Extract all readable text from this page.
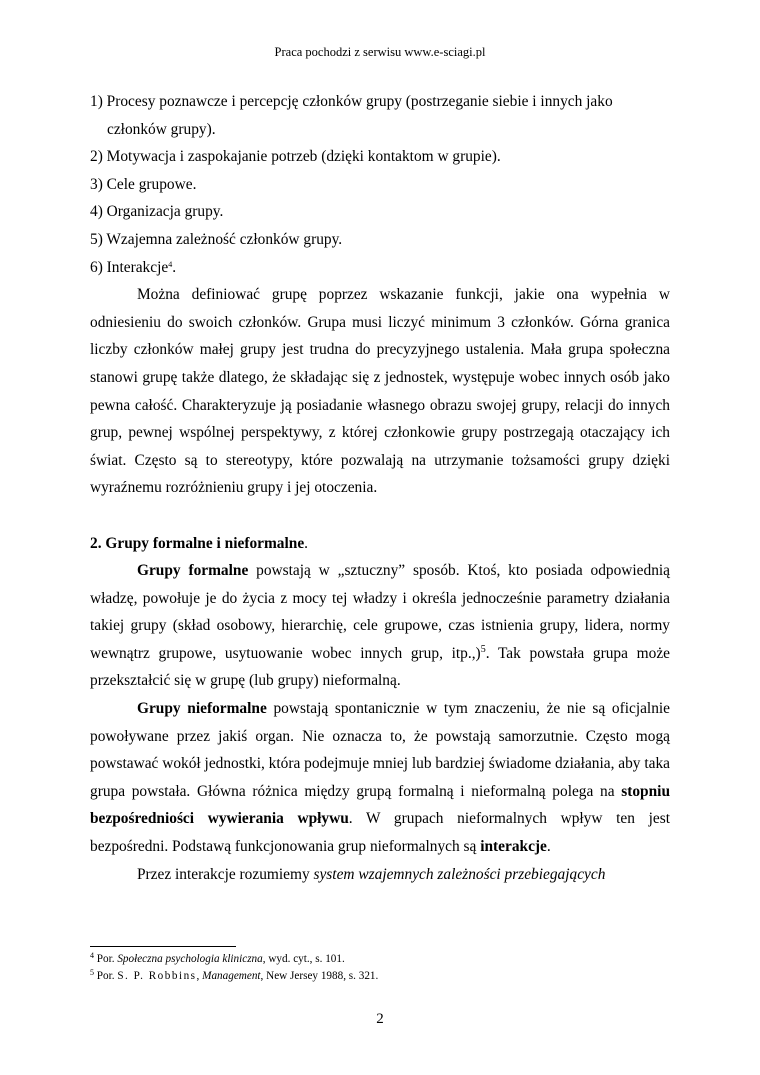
Praca pochodzi z serwisu www.e-sciagi.pl
1) Procesy poznawcze i percepcję członków grupy (postrzeganie siebie i innych jako członków grupy).
2) Motywacja i zaspokajanie potrzeb (dzięki kontaktom w grupie).
3) Cele grupowe.
4) Organizacja grupy.
5) Wzajemna zależność członków grupy.
6) Interakcje$^4$.

Można definiować grupę poprzez wskazanie funkcji, jakie ona wypełnia w odniesieniu do swoich członków. Grupa musi liczyć minimum 3 członków. Górna granica liczby członków małej grupy jest trudna do precyzyjnego ustalenia. Mała grupa społeczna stanowi grupę także dlatego, że składając się z jednostek, występuje wobec innych osób jako pewna całość. Charakteryzuje ją posiadanie własnego obrazu swojej grupy, relacji do innych grup, pewnej wspólnej perspektywy, z której członkowie grupy postrzegają otaczający ich świat. Często są to stereotypy, które pozwalają na utrzymanie tożsamości grupy dzięki wyraźnemu rozróżnieniu grupy i jej otoczenia.

2. Grupy formalne i nieformalne.

Grupy formalne powstają w „sztuczny” sposób. Ktoś, kto posiada odpowiednią władzę, powołuje je do życia z mocy tej władzy i określa jednocześnie parametry działania takiej grupy (skład osobowy, hierarchię, cele grupowe, czas istnienia grupy, lidera, normy wewnątrz grupowe, usytuowanie wobec innych grup, itp.,)$^5$. Tak powstała grupa może przekształcić się w grupę (lub grupy) nieformalną.

Grupy nieformalne powstają spontanicznie w tym znaczeniu, że nie są oficjalnie powoływane przez jakiś organ. Nie oznacza to, że powstają samorzutnie. Często mogą powstawać wokół jednostki, która podejmuje mniej lub bardziej świadome działania, aby taka grupa powstała. Główna różnica między grupą formalną i nieformalną polega na stopniu bezpośredniości wywierania wpływu. W grupach nieformalnych wpływ ten jest bezpośredni. Podstawą funkcjonowania grup nieformalnych są interakcje.

Przez interakcje rozumiemy system wzajemnych zależności przebiegających

$^4$ Por. Społeczna psychologia kliniczna, wyd. cyt., s. 101.
$^5$ Por. S. P. Robbins, Management, New Jersey 1988, s. 321.
2
